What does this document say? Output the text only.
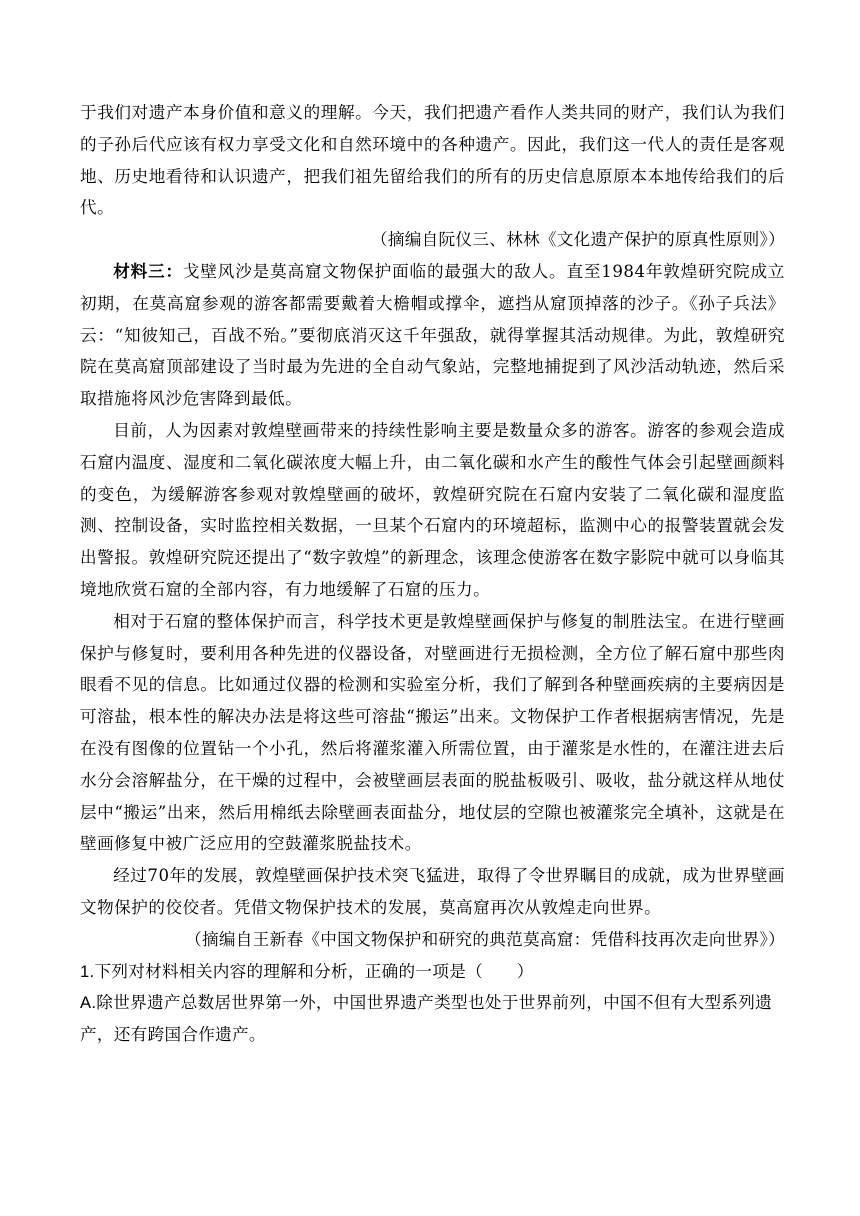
于我们对遗产本身价值和意义的理解。今天，我们把遗产看作人类共同的财产，我们认为我们的子孙后代应该有权力享受文化和自然环境中的各种遗产。因此，我们这一代人的责任是客观地、历史地看待和认识遗产，把我们祖先留给我们的所有的历史信息原原本本地传给我们的后代。

（摘编自阮仪三、林林《文化遗产保护的原真性原则》）

材料三：戈壁风沙是莫高窟文物保护面临的最强大的敌人。直至1984年敦煌研究院成立初期，在莫高窟参观的游客都需要戴着大檐帽或撑伞，遮挡从窟顶掉落的沙子。《孙子兵法》云：“知彼知己，百战不殆。”要彻底消灭这千年强敌，就得掌握其活动规律。为此，敦煌研究院在莫高窟顶部建设了当时最为先进的全自动气象站，完整地捕捉到了风沙活动轨迹，然后采取措施将风沙危害降到最低。

目前，人为因素对敦煌壁画带来的持续性影响主要是数量众多的游客。游客的参观会造成石窟内温度、湿度和二氧化碳浓度大幅上升，由二氧化碳和水产生的酸性气体会引起壁画颜料的变色，为缓解游客参观对敦煌壁画的破坏，敦煌研究院在石窟内安装了二氧化碳和湿度监测、控制设备，实时监控相关数据，一旦某个石窟内的环境超标，监测中心的报警装置就会发出警报。敦煌研究院还提出了“数字敦煌”的新理念，该理念使游客在数字影院中就可以身临其境地欣赏石窟的全部内容，有力地缓解了石窟的压力。

相对于石窟的整体保护而言，科学技术更是敦煌壁画保护与修复的制胜法宝。在进行壁画保护与修复时，要利用各种先进的仪器设备，对壁画进行无损检测，全方位了解石窟中那些肉眼看不见的信息。比如通过仪器的检测和实验室分析，我们了解到各种壁画疾病的主要病因是可溶盐，根本性的解决办法是将这些可溶盐“搬运”出来。文物保护工作者根据病害情况，先是在没有图像的位置钻一个小孔，然后将灌浆灌入所需位置，由于灌浆是水性的，在灌注进去后水分会溶解盐分，在干燥的过程中，会被壁画层表面的脱盐板吸引、吸收，盐分就这样从地仗层中“搬运”出来，然后用棉纸去除壁画表面盐分，地仗层的空隙也被灌浆完全填补，这就是在壁画修复中被广泛应用的空鼓灌浆脱盐技术。

经过70年的发展，敦煌壁画保护技术突飞猛进，取得了令世界瞩目的成就，成为世界壁画文物保护的佼佼者。凭借文物保护技术的发展，莫高窟再次从敦煌走向世界。

（摘编自王新春《中国文物保护和研究的典范莫高窟：凭借科技再次走向世界》）

1.下列对材料相关内容的理解和分析，正确的一项是（　　）

A.除世界遗产总数居世界第一外，中国世界遗产类型也处于世界前列，中国不但有大型系列遗产，还有跨国合作遗产。
